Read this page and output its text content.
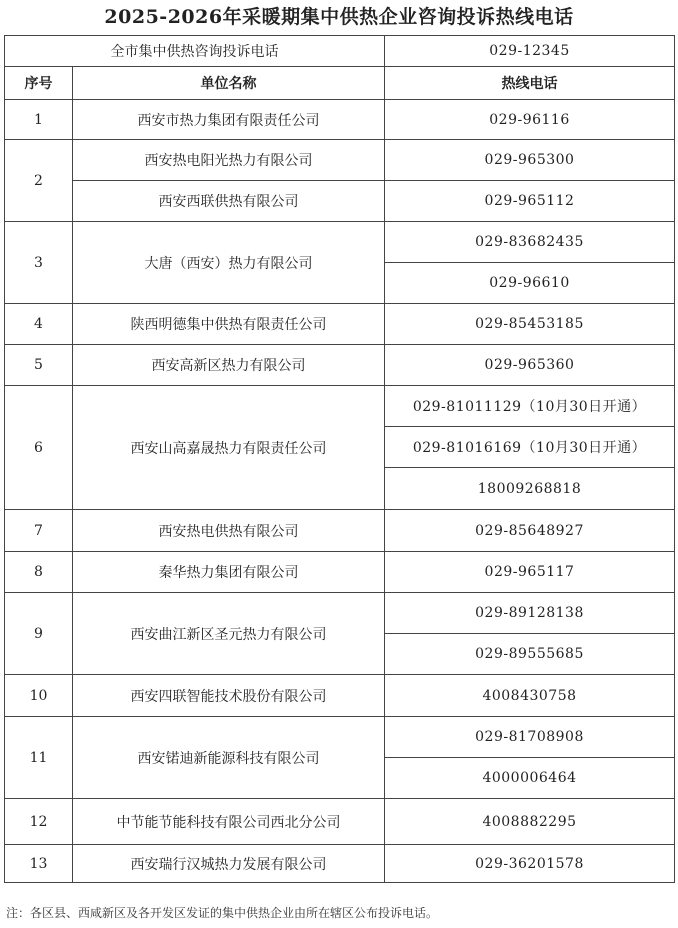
2025-2026年采暖期集中供热企业咨询投诉热线电话
全市集中供热咨询投诉电话		029-12345
序号	单位名称	热线电话
1	西安市热力集团有限责任公司	029-96116
2	西安热电阳光热力有限公司	029-965300
	西安西联供热有限公司	029-965112
3	大唐（西安）热力有限公司	029-83682435
		029-96610
4	陕西明德集中供热有限责任公司	029-85453185
5	西安高新区热力有限公司	029-965360
6	西安山高嘉晟热力有限责任公司	029-81011129（10月30日开通）
		029-81016169（10月30日开通）
		18009268818
7	西安热电供热有限公司	029-85648927
8	秦华热力集团有限公司	029-965117
9	西安曲江新区圣元热力有限公司	029-89128138
		029-89555685
10	西安四联智能技术股份有限公司	4008430758
11	西安锘迪新能源科技有限公司	029-81708908
		4000006464
12	中节能节能科技有限公司西北分公司	4008882295
13	西安瑞行汉城热力发展有限公司	029-36201578
注：各区县、西咸新区及各开发区发证的集中供热企业由所在辖区公布投诉电话。
